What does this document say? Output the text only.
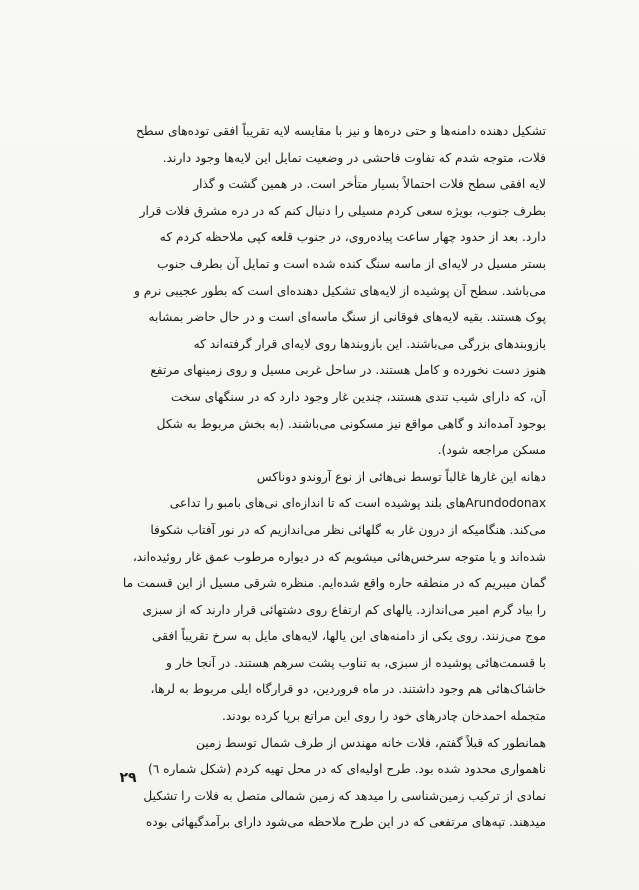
تشکیل دهنده دامنه‌ها و حتی دره‌ها و نیز با مقایسه لایه تقریباً افقی توده‌های سطح
فلات، متوجه شدم که تفاوت فاحشی در وضعیت تمایل این لایه‌ها وجود دارند.

لایه افقی سطح فلات احتمالاً بسیار متأخر است. در همین گشت و گذار
بطرف جنوب، بویژه سعی کردم مسیلی را دنبال کنم که در دره مشرق فلات قرار
دارد. بعد از حدود چهار ساعت پیاده‌روی، در جنوب قلعه کپی ملاحظه کردم که
بستر مسیل در لایه‌ای از ماسه سنگ کنده شده است و تمایل آن بطرف جنوب
می‌باشد. سطح آن پوشیده از لایه‌های تشکیل دهنده‌ای است که بطور عجیبی نرم و
پوک هستند. بقیه لایه‌های فوقانی از سنگ ماسه‌ای است و در حال حاضر بمشابه
بازوبندهای بزرگی می‌باشند. این بازوبندها روی لایه‌ای قرار گرفته‌اند که
هنوز دست نخورده و کامل هستند. در ساحل غربی مسیل و روی زمینهای مرتفع
آن، که دارای شیب تندی هستند، چندین غار وجود دارد که در سنگهای سخت
بوجود آمده‌اند و گاهی مواقع نیز مسکونی می‌باشند. (به بخش مربوط به شکل
مسکن مراجعه شود).

دهانه این غارها غالباً توسط نی‌هائی از نوع آروندو دوناکس
Arundodonax‌های بلند پوشیده است که تا اندازه‌ای نی‌های بامبو را تداعی
می‌کند. هنگامیکه از درون غار به گلهائی نظر می‌اندازیم که در نور آفتاب شکوفا
شده‌اند و یا متوجه سرخس‌هائی میشویم که در دیواره مرطوب عمق غار روئیده‌اند،
گمان میبریم که در منطقه حاره واقع شده‌ایم. منظره شرقی مسیل از این قسمت ما
را بیاد گرم امیر می‌اندازد. یالهای کم ارتفاع روی دشتهائی قرار دارند که از سبزی
موج می‌زنند. روی یکی از دامنه‌های این یالها، لایه‌های مایل به سرخ تقریباً افقی
با قسمت‌هائی پوشیده از سبزی، به تناوب پشت سرهم هستند. در آنجا خار و
خاشاک‌هائی هم وجود داشتند. در ماه فروردین، دو قرارگاه ایلی مربوط به لرها،
متجمله احمدخان چادرهای خود را روی این مراتع برپا کرده بودند.

همانطور که قبلاً گفتم، فلات خانه مهندس از طرف شمال توسط زمین
ناهمواری محدود شده بود. طرح اولیه‌ای که در محل تهیه کردم (شکل شماره ٦)
نمادی از ترکیب زمین‌شناسی را میدهد که زمین شمالی متصل به فلات را تشکیل
میدهند. تپه‌های مرتفعی که در این طرح ملاحظه می‌شود دارای برآمدگیهائی بوده

۲۹
